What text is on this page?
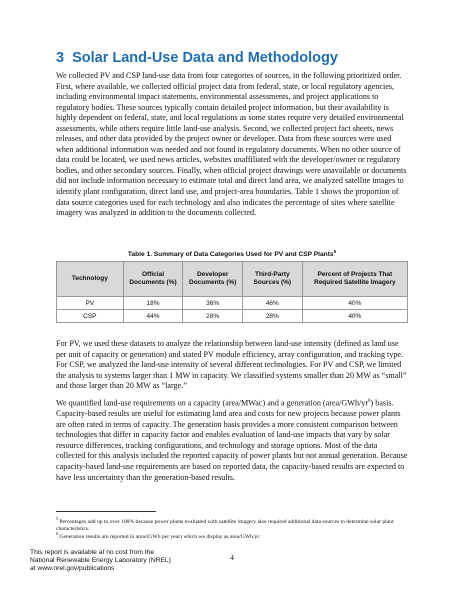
3 Solar Land-Use Data and Methodology

We collected PV and CSP land-use data from four categories of sources, in the following prioritized order. First, where available, we collected official project data from federal, state, or local regulatory agencies, including environmental impact statements, environmental assessments, and project applications to regulatory bodies. These sources typically contain detailed project information, but their availability is highly dependent on federal, state, and local regulations as some states require very detailed environmental assessments, while others require little land-use analysis. Second, we collected project fact sheets, news releases, and other data provided by the project owner or developer. Data from these sources were used when additional information was needed and not found in regulatory documents. When no other source of data could be located, we used news articles, websites unaffiliated with the developer/owner or regulatory bodies, and other secondary sources. Finally, when official project drawings were unavailable or documents did not include information necessary to estimate total and direct land area, we analyzed satellite images to identify plant configuration, direct land use, and project-area boundaries. Table 1 shows the proportion of data source categories used for each technology and also indicates the percentage of sites where satellite imagery was analyzed in addition to the documents collected.

Table 1. Summary of Data Categories Used for PV and CSP Plants$^5$
Technology	Official Documents (%)	Developer Documents (%)	Third-Party Sources (%)	Percent of Projects That Required Satellite Imagery
PV	18%	36%	46%	40%
CSP	44%	28%	28%	40%

For PV, we used these datasets to analyze the relationship between land-use intensity (defined as land use per unit of capacity or generation) and stated PV module efficiency, array configuration, and tracking type. For CSP, we analyzed the land-use intensity of several different technologies. For PV and CSP, we limited the analysis to systems larger than 1 MW in capacity. We classified systems smaller than 20 MW as “small” and those larger than 20 MW as “large.”

We quantified land-use requirements on a capacity (area/MWac) and a generation $(area/GWh/yr^6)$ basis. Capacity-based results are useful for estimating land area and costs for new projects because power plants are often rated in terms of capacity. The generation basis provides a more consistent comparison between technologies that differ in capacity factor and enables evaluation of land-use impacts that vary by solar resource differences, tracking configurations, and technology and storage options. Most of the data collected for this analysis included the reported capacity of power plants but not annual generation. Because capacity-based land-use requirements are based on reported data, the capacity-based results are expected to have less uncertainty than the generation-based results.

$^5$ Percentages add up to over 100% because power plants evaluated with satellite imagery also required additional data sources to determine solar plant characteristics.

$^6$ Generation results are reported in area/(GWh per year) which we display as area/GWh/yr.

This report is available at no cost from the
National Renewable Energy Laboratory (NREL)
at www.nrel.gov/publications
4
